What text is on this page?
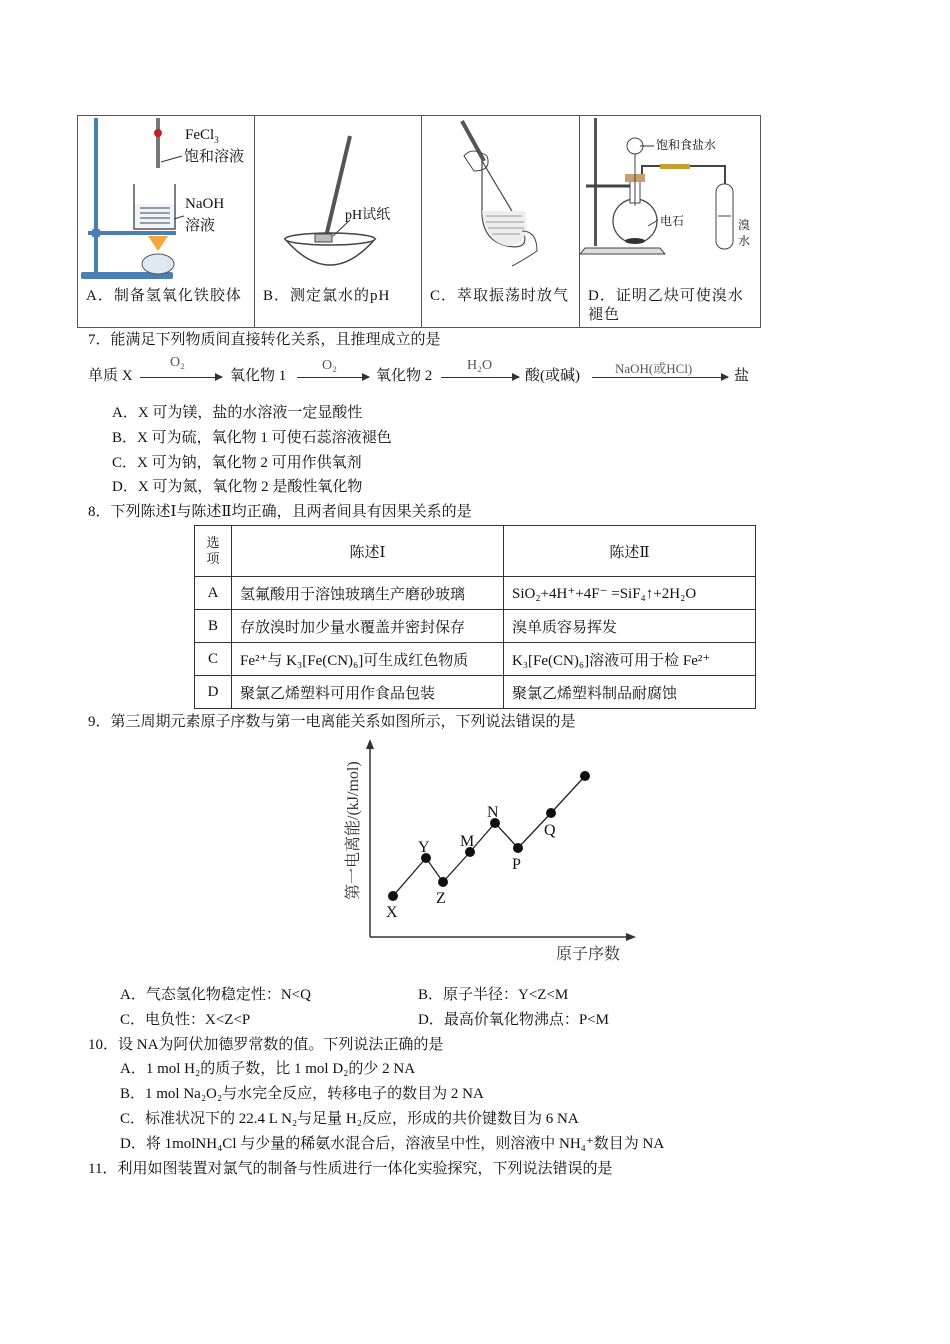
FeCl$_3$
饱和溶液
NaOH
溶液
A．制备氢氧化铁胶体

pH试纸
B．测定氯水的pH	C．萃取振荡时放气

饱和食盐水
电石	溴
水
D．证明乙炔可使溴水褪色
7．能满足下列物质间直接转化关系，且推理成立的是
单质 X
O₂
氧化物 1
O₂
氧化物 2
H₂O
酸(或碱)	NaOH(或HCl)	盐
A．X 可为镁，盐的水溶液一定显酸性
B．X 可为硫，氧化物 1 可使石蕊溶液褪色
C．X 可为钠，氧化物 2 可用作供氧剂
D．X 可为氮，氧化物 2 是酸性氧化物
8．下列陈述Ⅰ与陈述Ⅱ均正确，且两者间具有因果关系的是
选
项	陈述Ⅰ	陈述Ⅱ
A	氢氟酸用于溶蚀玻璃生产磨砂玻璃	SiO₂+4H⁺+4F⁻ =SiF₄↑+2H₂O
B	存放溴时加少量水覆盖并密封保存	溴单质容易挥发
C	Fe²⁺与 K₃[Fe(CN)₆]可生成红色物质	K₃[Fe(CN)₆]溶液可用于检 Fe²⁺
D	聚氯乙烯塑料可用作食品包装	聚氯乙烯塑料制品耐腐蚀
9．第三周期元素原子序数与第一电离能关系如图所示，下列说法错误的是
X
Y
Z
M
N
P
Q
第一电离能/(kJ/mol)
原子序数
A．气态氢化物稳定性：N<Q	B．原子半径：Y<Z<M
C．电负性：X<Z<P	D．最高价氧化物沸点：P<M
10．设 NA为阿伏加德罗常数的值。下列说法正确的是
A．1 mol H₂的质子数，比 1 mol D₂的少 2 NA
B．1 mol Na₂O₂与水完全反应，转移电子的数目为 2 NA
C．标准状况下的 22.4 L N₂与足量 H₂反应，形成的共价键数目为 6 NA
D．将 1molNH₄Cl 与少量的稀氨水混合后，溶液呈中性，则溶液中 NH₄⁺数目为 NA
11．利用如图装置对氯气的制备与性质进行一体化实验探究，下列说法错误的是
